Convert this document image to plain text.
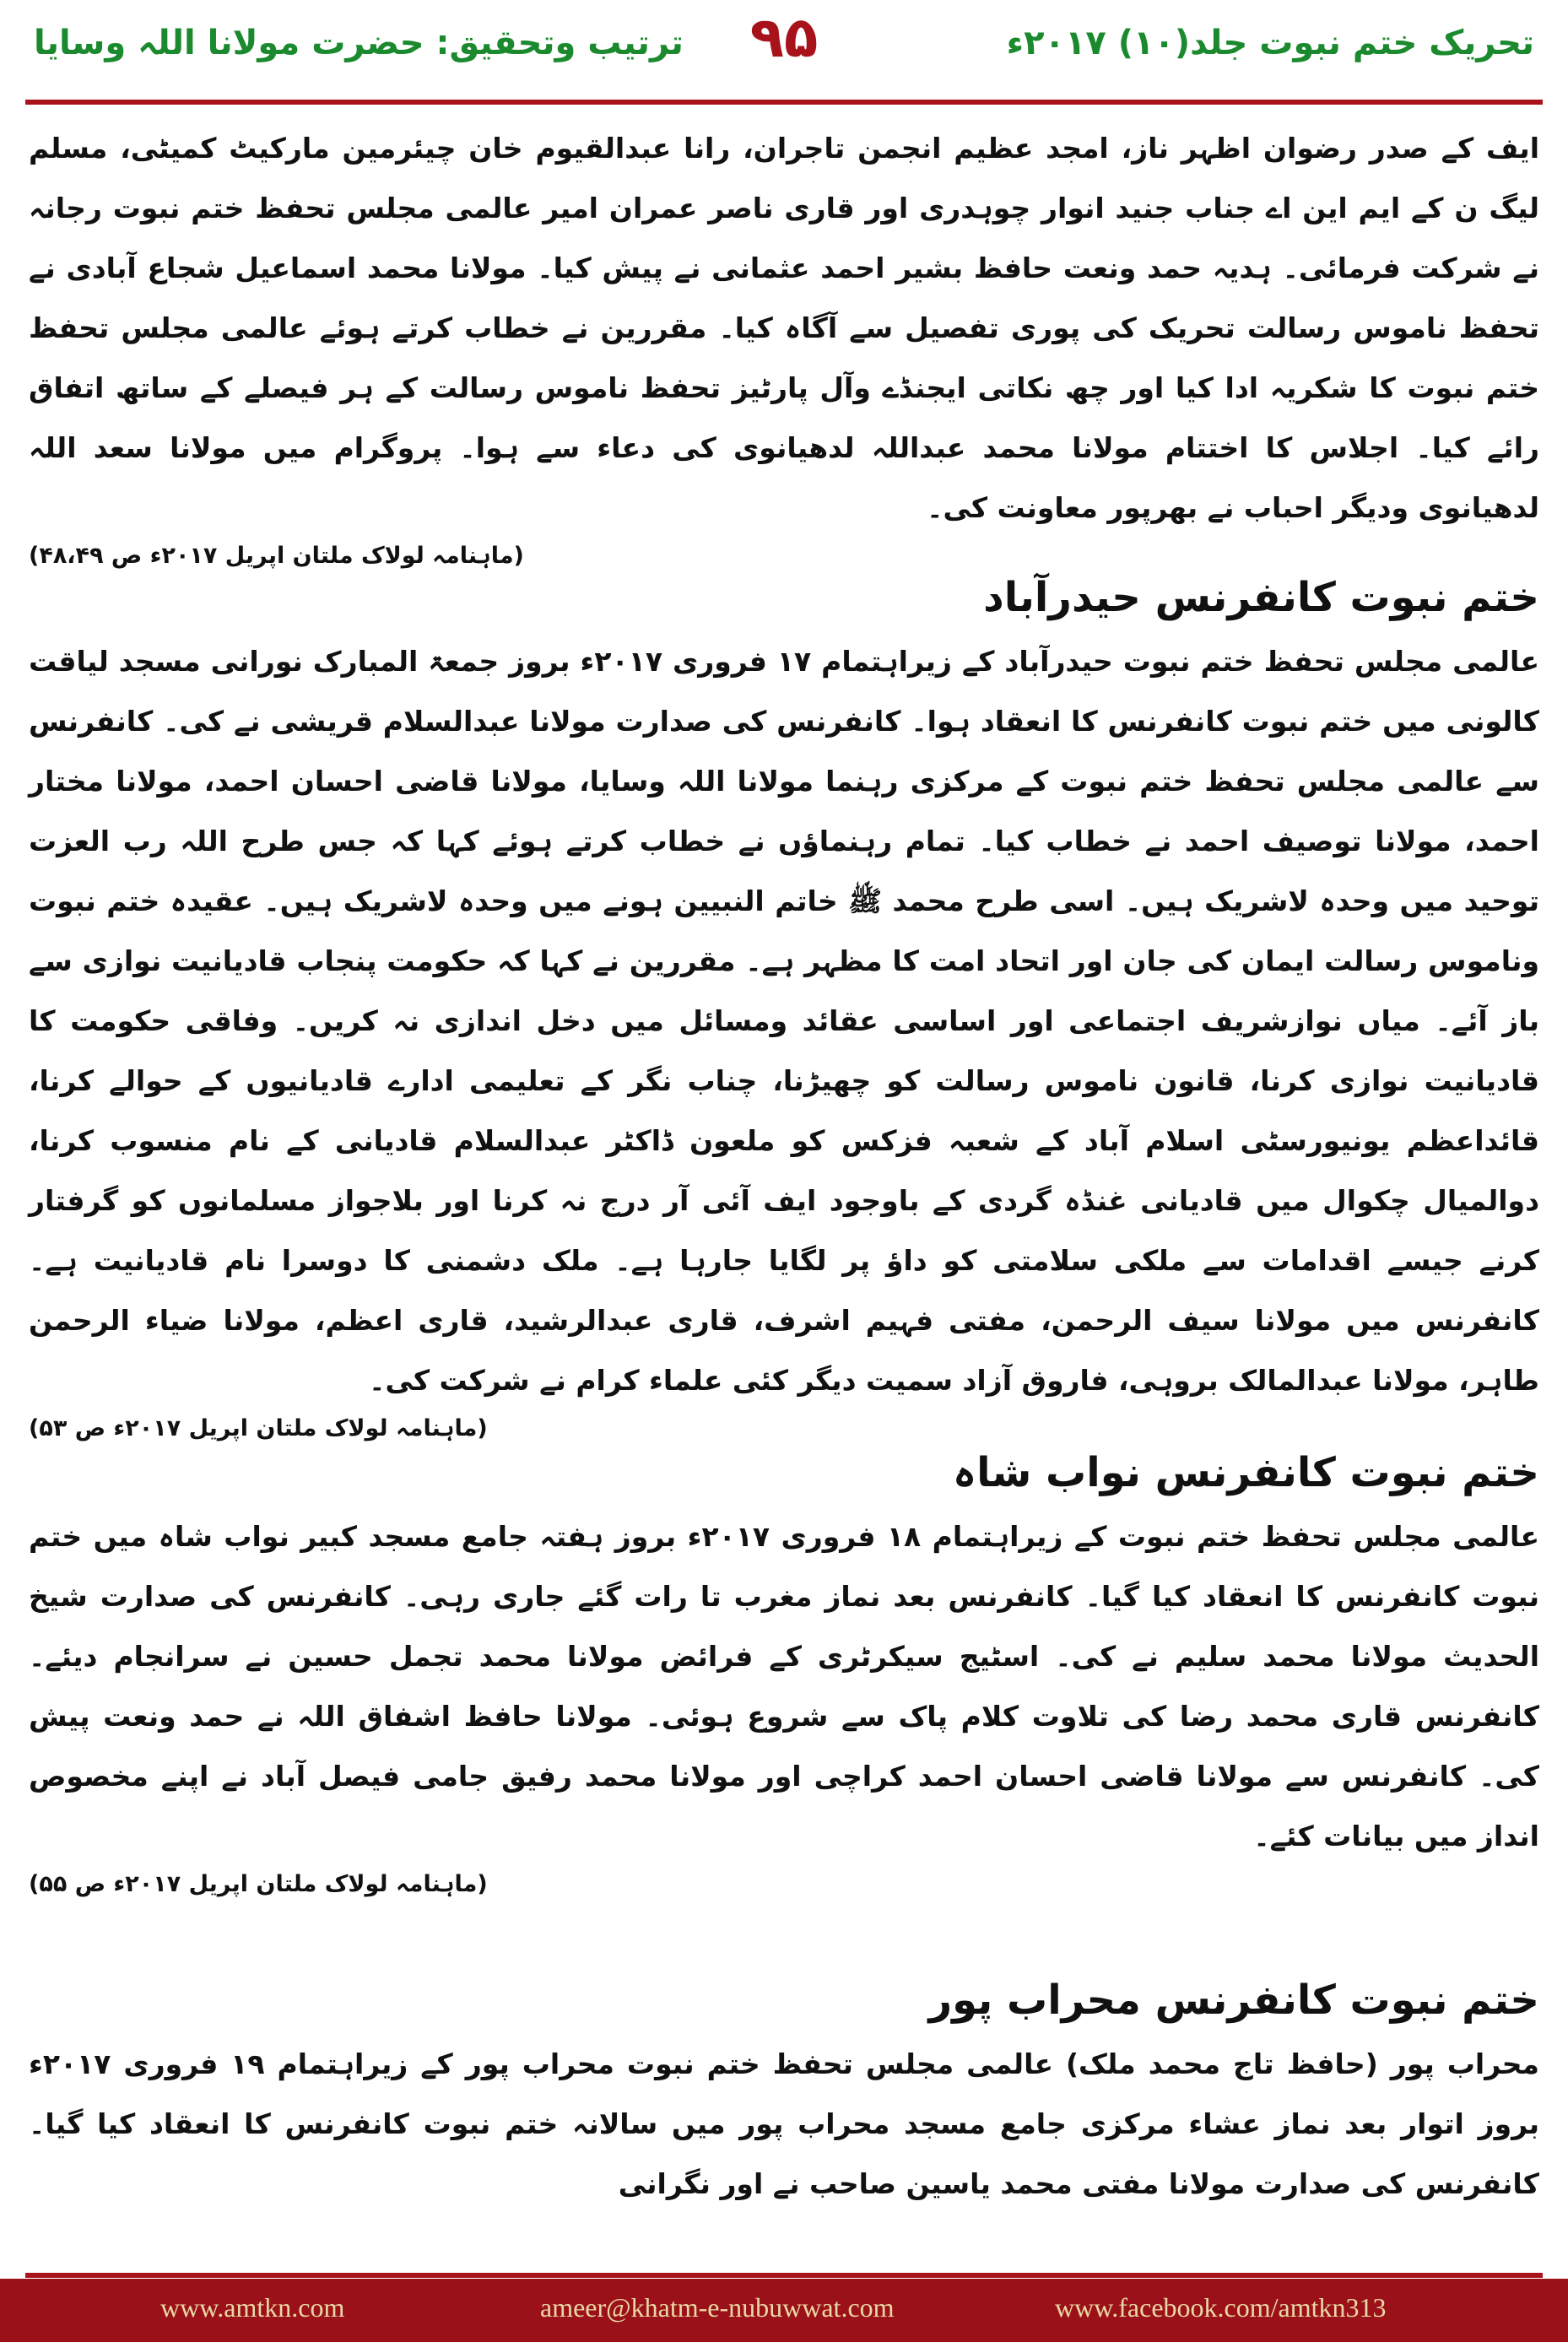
ترتیب وتحقیق: حضرت مولانا اللہ وسایا	۹۵	تحریک ختم نبوت جلد(۱۰) ۲۰۱۷ء

ایف کے صدر رضوان اظہر ناز، امجد عظیم انجمن تاجران، رانا عبدالقیوم خان چیئرمین مارکیٹ کمیٹی، مسلم لیگ ن کے ایم این اے جناب جنید انوار چوہدری اور قاری ناصر عمران امیر عالمی مجلس تحفظ ختم نبوت رجانہ نے شرکت فرمائی۔ ہدیہ حمد ونعت حافظ بشیر احمد عثمانی نے پیش کیا۔ مولانا محمد اسماعیل شجاع آبادی نے تحفظ ناموس رسالت تحریک کی پوری تفصیل سے آگاہ کیا۔ مقررین نے خطاب کرتے ہوئے عالمی مجلس تحفظ ختم نبوت کا شکریہ ادا کیا اور چھ نکاتی ایجنڈے وآل پارٹیز تحفظ ناموس رسالت کے ہر فیصلے کے ساتھ اتفاق رائے کیا۔ اجلاس کا اختتام مولانا محمد عبداللہ لدھیانوی کی دعاء سے ہوا۔ پروگرام میں مولانا سعد اللہ لدھیانوی ودیگر احباب نے بھرپور معاونت کی۔

(ماہنامہ لولاک ملتان اپریل ۲۰۱۷ء ص ۴۸،۴۹)

ختم نبوت کانفرنس حیدرآباد

عالمی مجلس تحفظ ختم نبوت حیدرآباد کے زیراہتمام ۱۷ فروری ۲۰۱۷ء بروز جمعۃ المبارک نورانی مسجد لیاقت کالونی میں ختم نبوت کانفرنس کا انعقاد ہوا۔ کانفرنس کی صدارت مولانا عبدالسلام قریشی نے کی۔ کانفرنس سے عالمی مجلس تحفظ ختم نبوت کے مرکزی رہنما مولانا اللہ وسایا، مولانا قاضی احسان احمد، مولانا مختار احمد، مولانا توصیف احمد نے خطاب کیا۔ تمام رہنماؤں نے خطاب کرتے ہوئے کہا کہ جس طرح اللہ رب العزت توحید میں وحدہ لاشریک ہیں۔ اسی طرح محمد ﷺ خاتم النبیین ہونے میں وحدہ لاشریک ہیں۔ عقیدہ ختم نبوت وناموس رسالت ایمان کی جان اور اتحاد امت کا مظہر ہے۔ مقررین نے کہا کہ حکومت پنجاب قادیانیت نوازی سے باز آئے۔ میاں نوازشریف اجتماعی اور اساسی عقائد ومسائل میں دخل اندازی نہ کریں۔ وفاقی حکومت کا قادیانیت نوازی کرنا، قانون ناموس رسالت کو چھیڑنا، چناب نگر کے تعلیمی ادارے قادیانیوں کے حوالے کرنا، قائداعظم یونیورسٹی اسلام آباد کے شعبہ فزکس کو ملعون ڈاکٹر عبدالسلام قادیانی کے نام منسوب کرنا، دوالمیال چکوال میں قادیانی غنڈہ گردی کے باوجود ایف آئی آر درج نہ کرنا اور بلاجواز مسلمانوں کو گرفتار کرنے جیسے اقدامات سے ملکی سلامتی کو داؤ پر لگایا جارہا ہے۔ ملک دشمنی کا دوسرا نام قادیانیت ہے۔ کانفرنس میں مولانا سیف الرحمن، مفتی فہیم اشرف، قاری عبدالرشید، قاری اعظم، مولانا ضیاء الرحمن طاہر، مولانا عبدالمالک بروہی، فاروق آزاد سمیت دیگر کئی علماء کرام نے شرکت کی۔

(ماہنامہ لولاک ملتان اپریل ۲۰۱۷ء ص ۵۳)

ختم نبوت کانفرنس نواب شاہ

عالمی مجلس تحفظ ختم نبوت کے زیراہتمام ۱۸ فروری ۲۰۱۷ء بروز ہفتہ جامع مسجد کبیر نواب شاہ میں ختم نبوت کانفرنس کا انعقاد کیا گیا۔ کانفرنس بعد نماز مغرب تا رات گئے جاری رہی۔ کانفرنس کی صدارت شیخ الحدیث مولانا محمد سلیم نے کی۔ اسٹیج سیکرٹری کے فرائض مولانا محمد تجمل حسین نے سرانجام دیئے۔ کانفرنس قاری محمد رضا کی تلاوت کلام پاک سے شروع ہوئی۔ مولانا حافظ اشفاق اللہ نے حمد ونعت پیش کی۔ کانفرنس سے مولانا قاضی احسان احمد کراچی اور مولانا محمد رفیق جامی فیصل آباد نے اپنے مخصوص انداز میں بیانات کئے۔

(ماہنامہ لولاک ملتان اپریل ۲۰۱۷ء ص ۵۵)

ختم نبوت کانفرنس محراب پور

محراب پور (حافظ تاج محمد ملک) عالمی مجلس تحفظ ختم نبوت محراب پور کے زیراہتمام ۱۹ فروری ۲۰۱۷ء بروز اتوار بعد نماز عشاء مرکزی جامع مسجد محراب پور میں سالانہ ختم نبوت کانفرنس کا انعقاد کیا گیا۔ کانفرنس کی صدارت مولانا مفتی محمد یاسین صاحب نے اور نگرانی

www.amtkn.com	ameer@khatm-e-nubuwwat.com	www.facebook.com/amtkn313
